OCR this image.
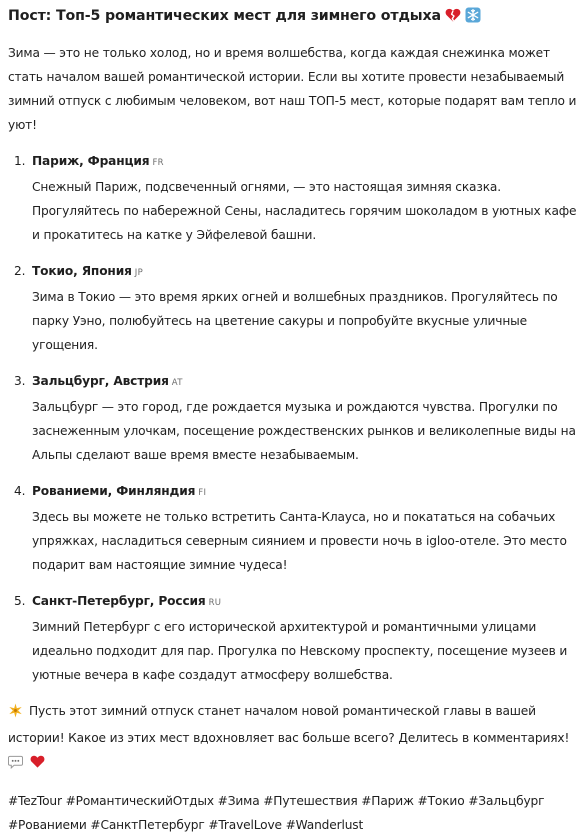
Пост: Топ-5 романтических мест для зимнего отдыха

Зима — это не только холод, но и время волшебства, когда каждая снежинка может стать началом вашей романтической истории. Если вы хотите провести незабываемый зимний отпуск с любимым человеком, вот наш ТОП-5 мест, которые подарят вам тепло и уют!

1. Париж, Франция FR
Снежный Париж, подсвеченный огнями, — это настоящая зимняя сказка. Прогуляйтесь по набережной Сены, насладитесь горячим шоколадом в уютных кафе и прокатитесь на катке у Эйфелевой башни.
2. Токио, Япония JP
Зима в Токио — это время ярких огней и волшебных праздников. Прогуляйтесь по парку Уэно, полюбуйтесь на цветение сакуры и попробуйте вкусные уличные угощения.
3. Зальцбург, Австрия AT
Зальцбург — это город, где рождается музыка и рождаются чувства. Прогулки по заснеженным улочкам, посещение рождественских рынков и великолепные виды на Альпы сделают ваше время вместе незабываемым.
4. Рованиеми, Финляндия FI
Здесь вы можете не только встретить Санта-Клауса, но и покататься на собачьих упряжках, насладиться северным сиянием и провести ночь в igloo-отеле. Это место подарит вам настоящие зимние чудеса!
5. Санкт-Петербург, Россия RU
Зимний Петербург с его исторической архитектурой и романтичными улицами идеально подходит для пар. Прогулка по Невскому проспекту, посещение музеев и уютные вечера в кафе создадут атмосферу волшебства.

Пусть этот зимний отпуск станет началом новой романтической главы в вашей истории! Какое из этих мест вдохновляет вас больше всего? Делитесь в комментариях!

#TezTour #РомантическийОтдых #Зима #Путешествия #Париж #Токио #Зальцбург #Рованиеми #СанктПетербург #TravelLove #Wanderlust
